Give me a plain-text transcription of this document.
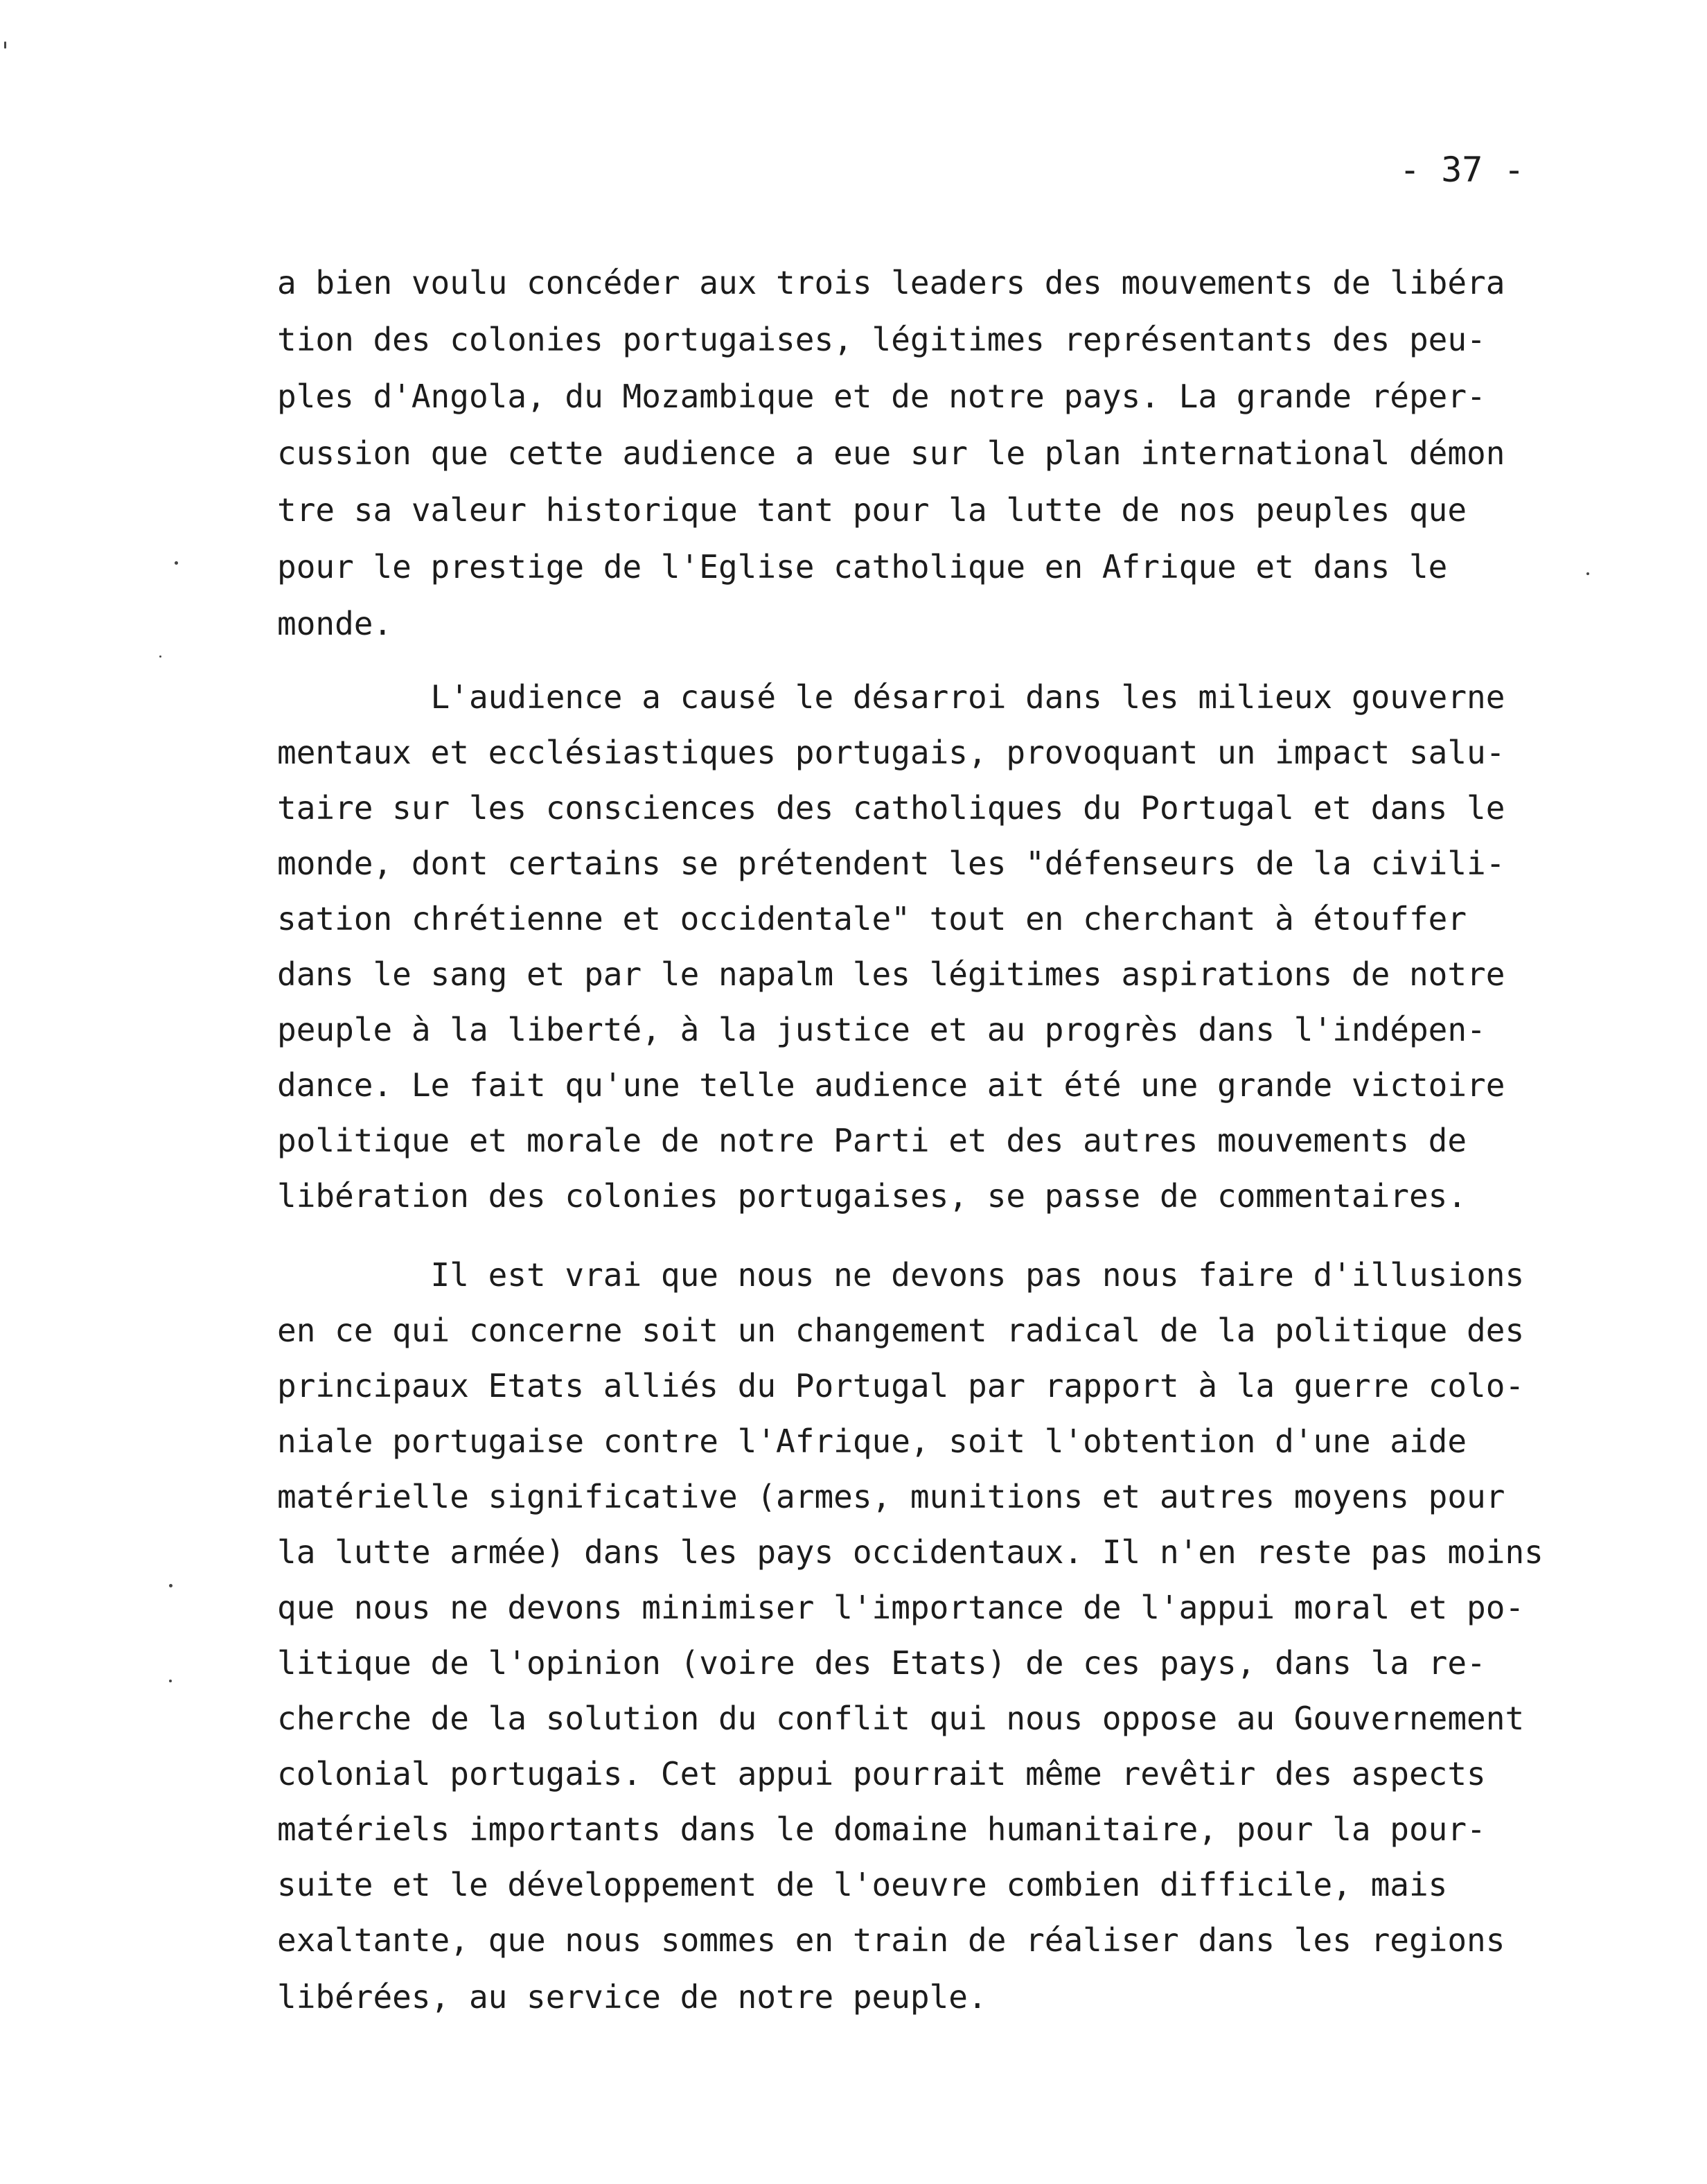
- 37 -
a bien voulu concéder aux trois leaders des mouvements de libéra
tion des colonies portugaises, légitimes représentants des peu-
ples d'Angola, du Mozambique et de notre pays. La grande réper-
cussion que cette audience a eue sur le plan international démon
tre sa valeur historique tant pour la lutte de nos peuples que
pour le prestige de l'Eglise catholique en Afrique et dans le
monde.
L'audience a causé le désarroi dans les milieux gouverne
mentaux et ecclésiastiques portugais, provoquant un impact salu-
taire sur les consciences des catholiques du Portugal et dans le
monde, dont certains se prétendent les "défenseurs de la civili-
sation chrétienne et occidentale" tout en cherchant à étouffer
dans le sang et par le napalm les légitimes aspirations de notre
peuple à la liberté, à la justice et au progrès dans l'indépen-
dance. Le fait qu'une telle audience ait été une grande victoire
politique et morale de notre Parti et des autres mouvements de
libération des colonies portugaises, se passe de commentaires.
Il est vrai que nous ne devons pas nous faire d'illusions
en ce qui concerne soit un changement radical de la politique des
principaux Etats alliés du Portugal par rapport à la guerre colo-
niale portugaise contre l'Afrique, soit l'obtention d'une aide
matérielle significative (armes, munitions et autres moyens pour
la lutte armée) dans les pays occidentaux. Il n'en reste pas moins
que nous ne devons minimiser l'importance de l'appui moral et po-
litique de l'opinion (voire des Etats) de ces pays, dans la re-
cherche de la solution du conflit qui nous oppose au Gouvernement
colonial portugais. Cet appui pourrait même revêtir des aspects
matériels importants dans le domaine humanitaire, pour la pour-
suite et le développement de l'oeuvre combien difficile, mais
exaltante, que nous sommes en train de réaliser dans les regions
libérées, au service de notre peuple.
